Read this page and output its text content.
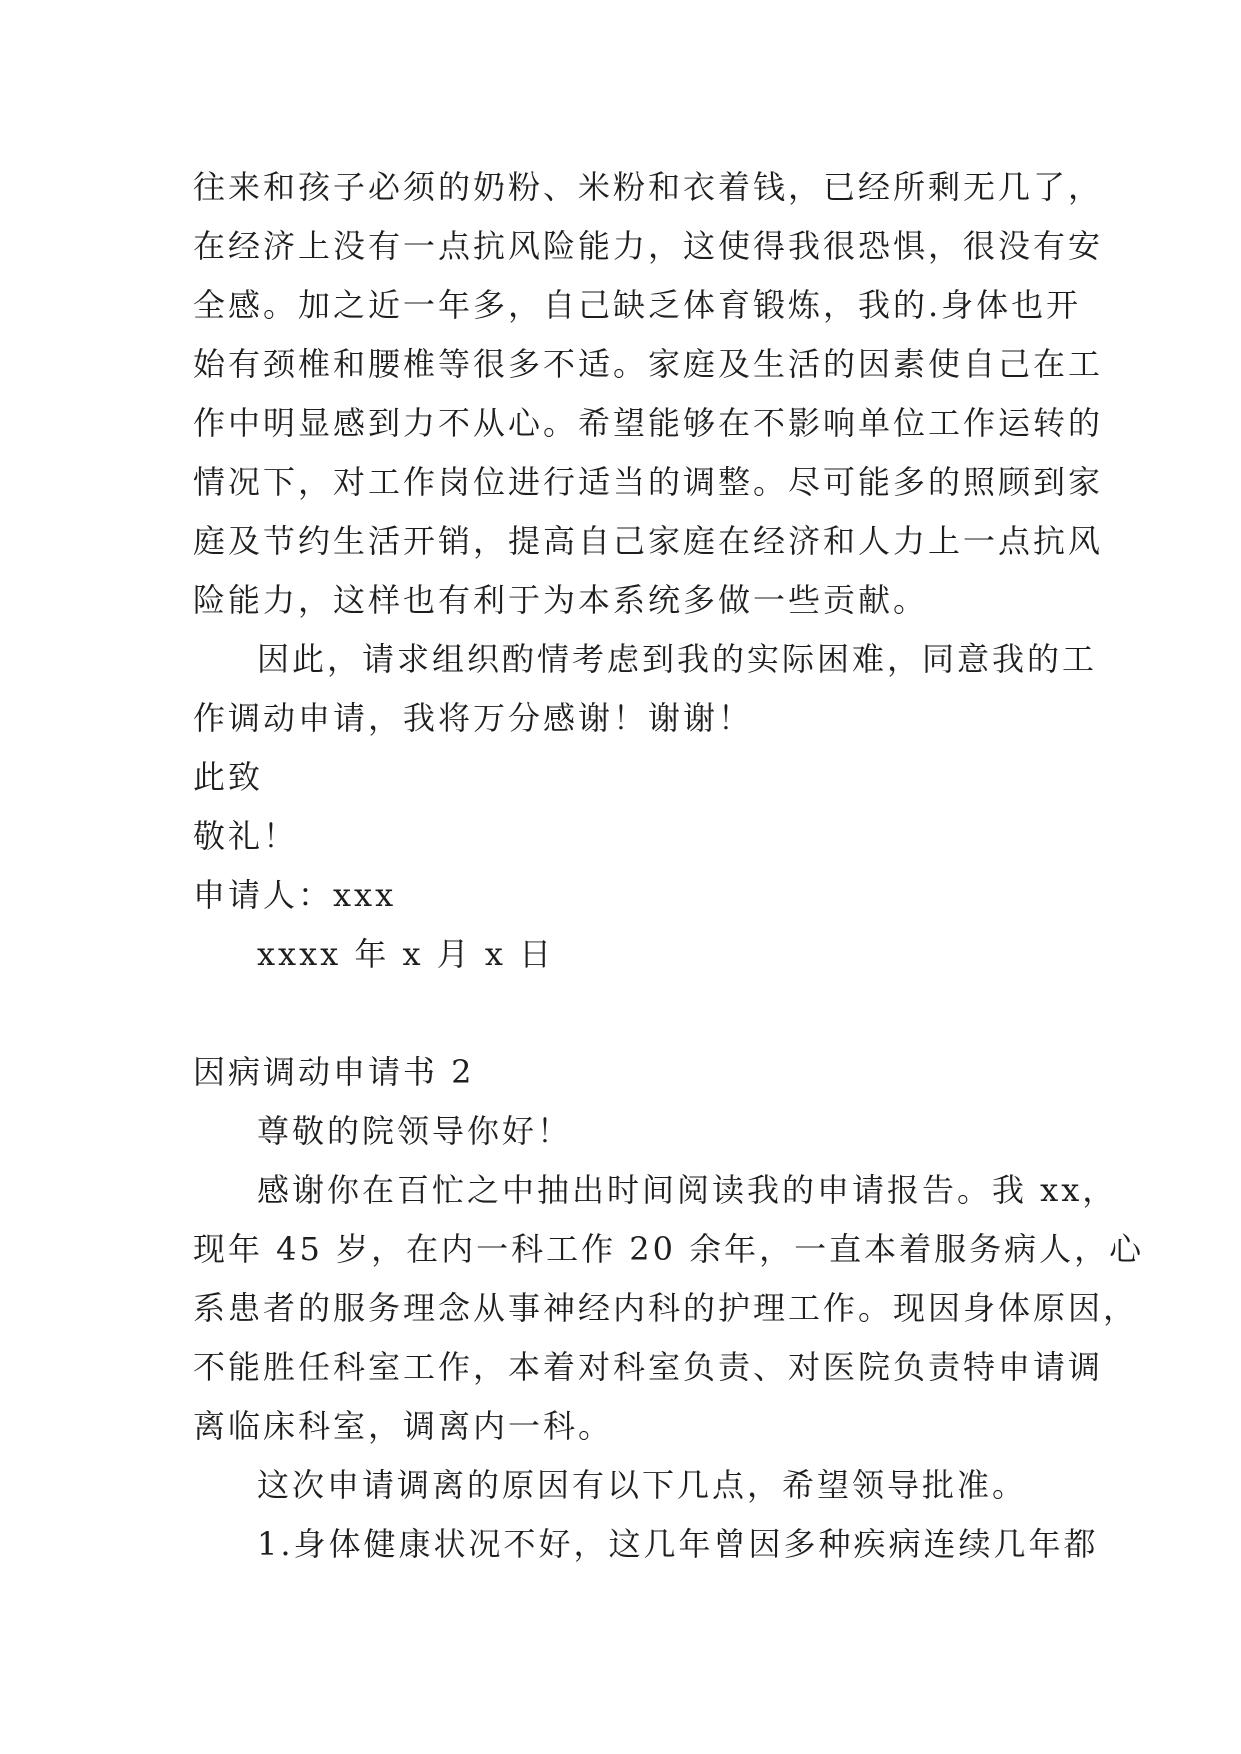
往来和孩子必须的奶粉、米粉和衣着钱，已经所剩无几了，
在经济上没有一点抗风险能力，这使得我很恐惧，很没有安
全感。加之近一年多，自己缺乏体育锻炼，我的.身体也开
始有颈椎和腰椎等很多不适。家庭及生活的因素使自己在工
作中明显感到力不从心。希望能够在不影响单位工作运转的
情况下，对工作岗位进行适当的调整。尽可能多的照顾到家
庭及节约生活开销，提高自己家庭在经济和人力上一点抗风
险能力，这样也有利于为本系统多做一些贡献。
因此，请求组织酌情考虑到我的实际困难，同意我的工
作调动申请，我将万分感谢！谢谢！
此致
敬礼！
申请人：xxx
xxxx 年 x 月 x 日
因病调动申请书 2
尊敬的院领导你好！
感谢你在百忙之中抽出时间阅读我的申请报告。我 xx，
现年 45 岁，在内一科工作 20 余年，一直本着服务病人，心
系患者的服务理念从事神经内科的护理工作。现因身体原因，
不能胜任科室工作，本着对科室负责、对医院负责特申请调
离临床科室，调离内一科。
这次申请调离的原因有以下几点，希望领导批准。
1.身体健康状况不好，这几年曾因多种疾病连续几年都
